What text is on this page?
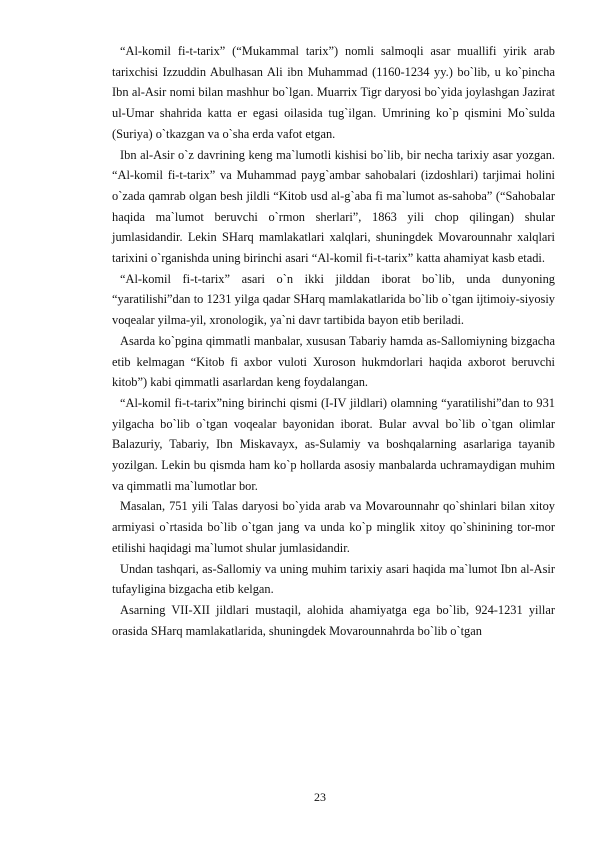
“Al-komil fi-t-tarix” (“Mukammal tarix”) nomli salmoqli asar muallifi yirik arab tarixchisi Izzuddin Abulhasan Ali ibn Muhammad (1160-1234 yy.) bo`lib, u ko`pincha Ibn al-Asir nomi bilan mashhur bo`lgan. Muarrix Tigr daryosi bo`yida joylashgan Jazirat ul-Umar shahrida katta er egasi oilasida tug`ilgan. Umrining ko`p qismini Mo`sulda (Suriya) o`tkazgan va o`sha erda vafot etgan.

Ibn al-Asir o`z davrining keng ma`lumotli kishisi bo`lib, bir necha tarixiy asar yozgan. “Al-komil fi-t-tarix” va Muhammad payg`ambar sahobalari (izdoshlari) tarjimai holini o`zada qamrab olgan besh jildli “Kitob usd al-g`aba fi ma`lumot as-sahoba” (“Sahobalar haqida ma`lumot beruvchi o`rmon sherlari”, 1863 yili chop qilingan) shular jumlasidandir. Lekin SHarq mamlakatlari xalqlari, shuningdek Movarounnahr xalqlari tarixini o`rganishda uning birinchi asari “Al-komil fi-t-tarix” katta ahamiyat kasb etadi.

“Al-komil fi-t-tarix” asari o`n ikki jilddan iborat bo`lib, unda dunyoning “yaratilishi”dan to 1231 yilga qadar SHarq mamlakatlarida bo`lib o`tgan ijtimoiy-siyosiy voqealar yilma-yil, xronologik, ya`ni davr tartibida bayon etib beriladi.

Asarda ko`pgina qimmatli manbalar, xususan Tabariy hamda as-Sallomiyning bizgacha etib kelmagan “Kitob fi axbor vuloti Xuroson hukmdorlari haqida axborot beruvchi kitob”) kabi qimmatli asarlardan keng foydalangan.

“Al-komil fi-t-tarix”ning birinchi qismi (I-IV jildlari) olamning “yaratilishi”dan to 931 yilgacha bo`lib o`tgan voqealar bayonidan iborat. Bular avval bo`lib o`tgan olimlar Balazuriy, Tabariy, Ibn Miskavayx, as-Sulamiy va boshqalarning asarlariga tayanib yozilgan. Lekin bu qismda ham ko`p hollarda asosiy manbalarda uchramaydigan muhim va qimmatli ma`lumotlar bor.

Masalan, 751 yili Talas daryosi bo`yida arab va Movarounnahr qo`shinlari bilan xitoy armiyasi o`rtasida bo`lib o`tgan jang va unda ko`p minglik xitoy qo`shinining tor-mor etilishi haqidagi ma`lumot shular jumlasidandir.

Undan tashqari, as-Sallomiy va uning muhim tarixiy asari haqida ma`lumot Ibn al-Asir tufayligina bizgacha etib kelgan.

Asarning VII-XII jildlari mustaqil, alohida ahamiyatga ega bo`lib, 924-1231 yillar orasida SHarq mamlakatlarida, shuningdek Movarounnahrda bo`lib o`tgan

23
